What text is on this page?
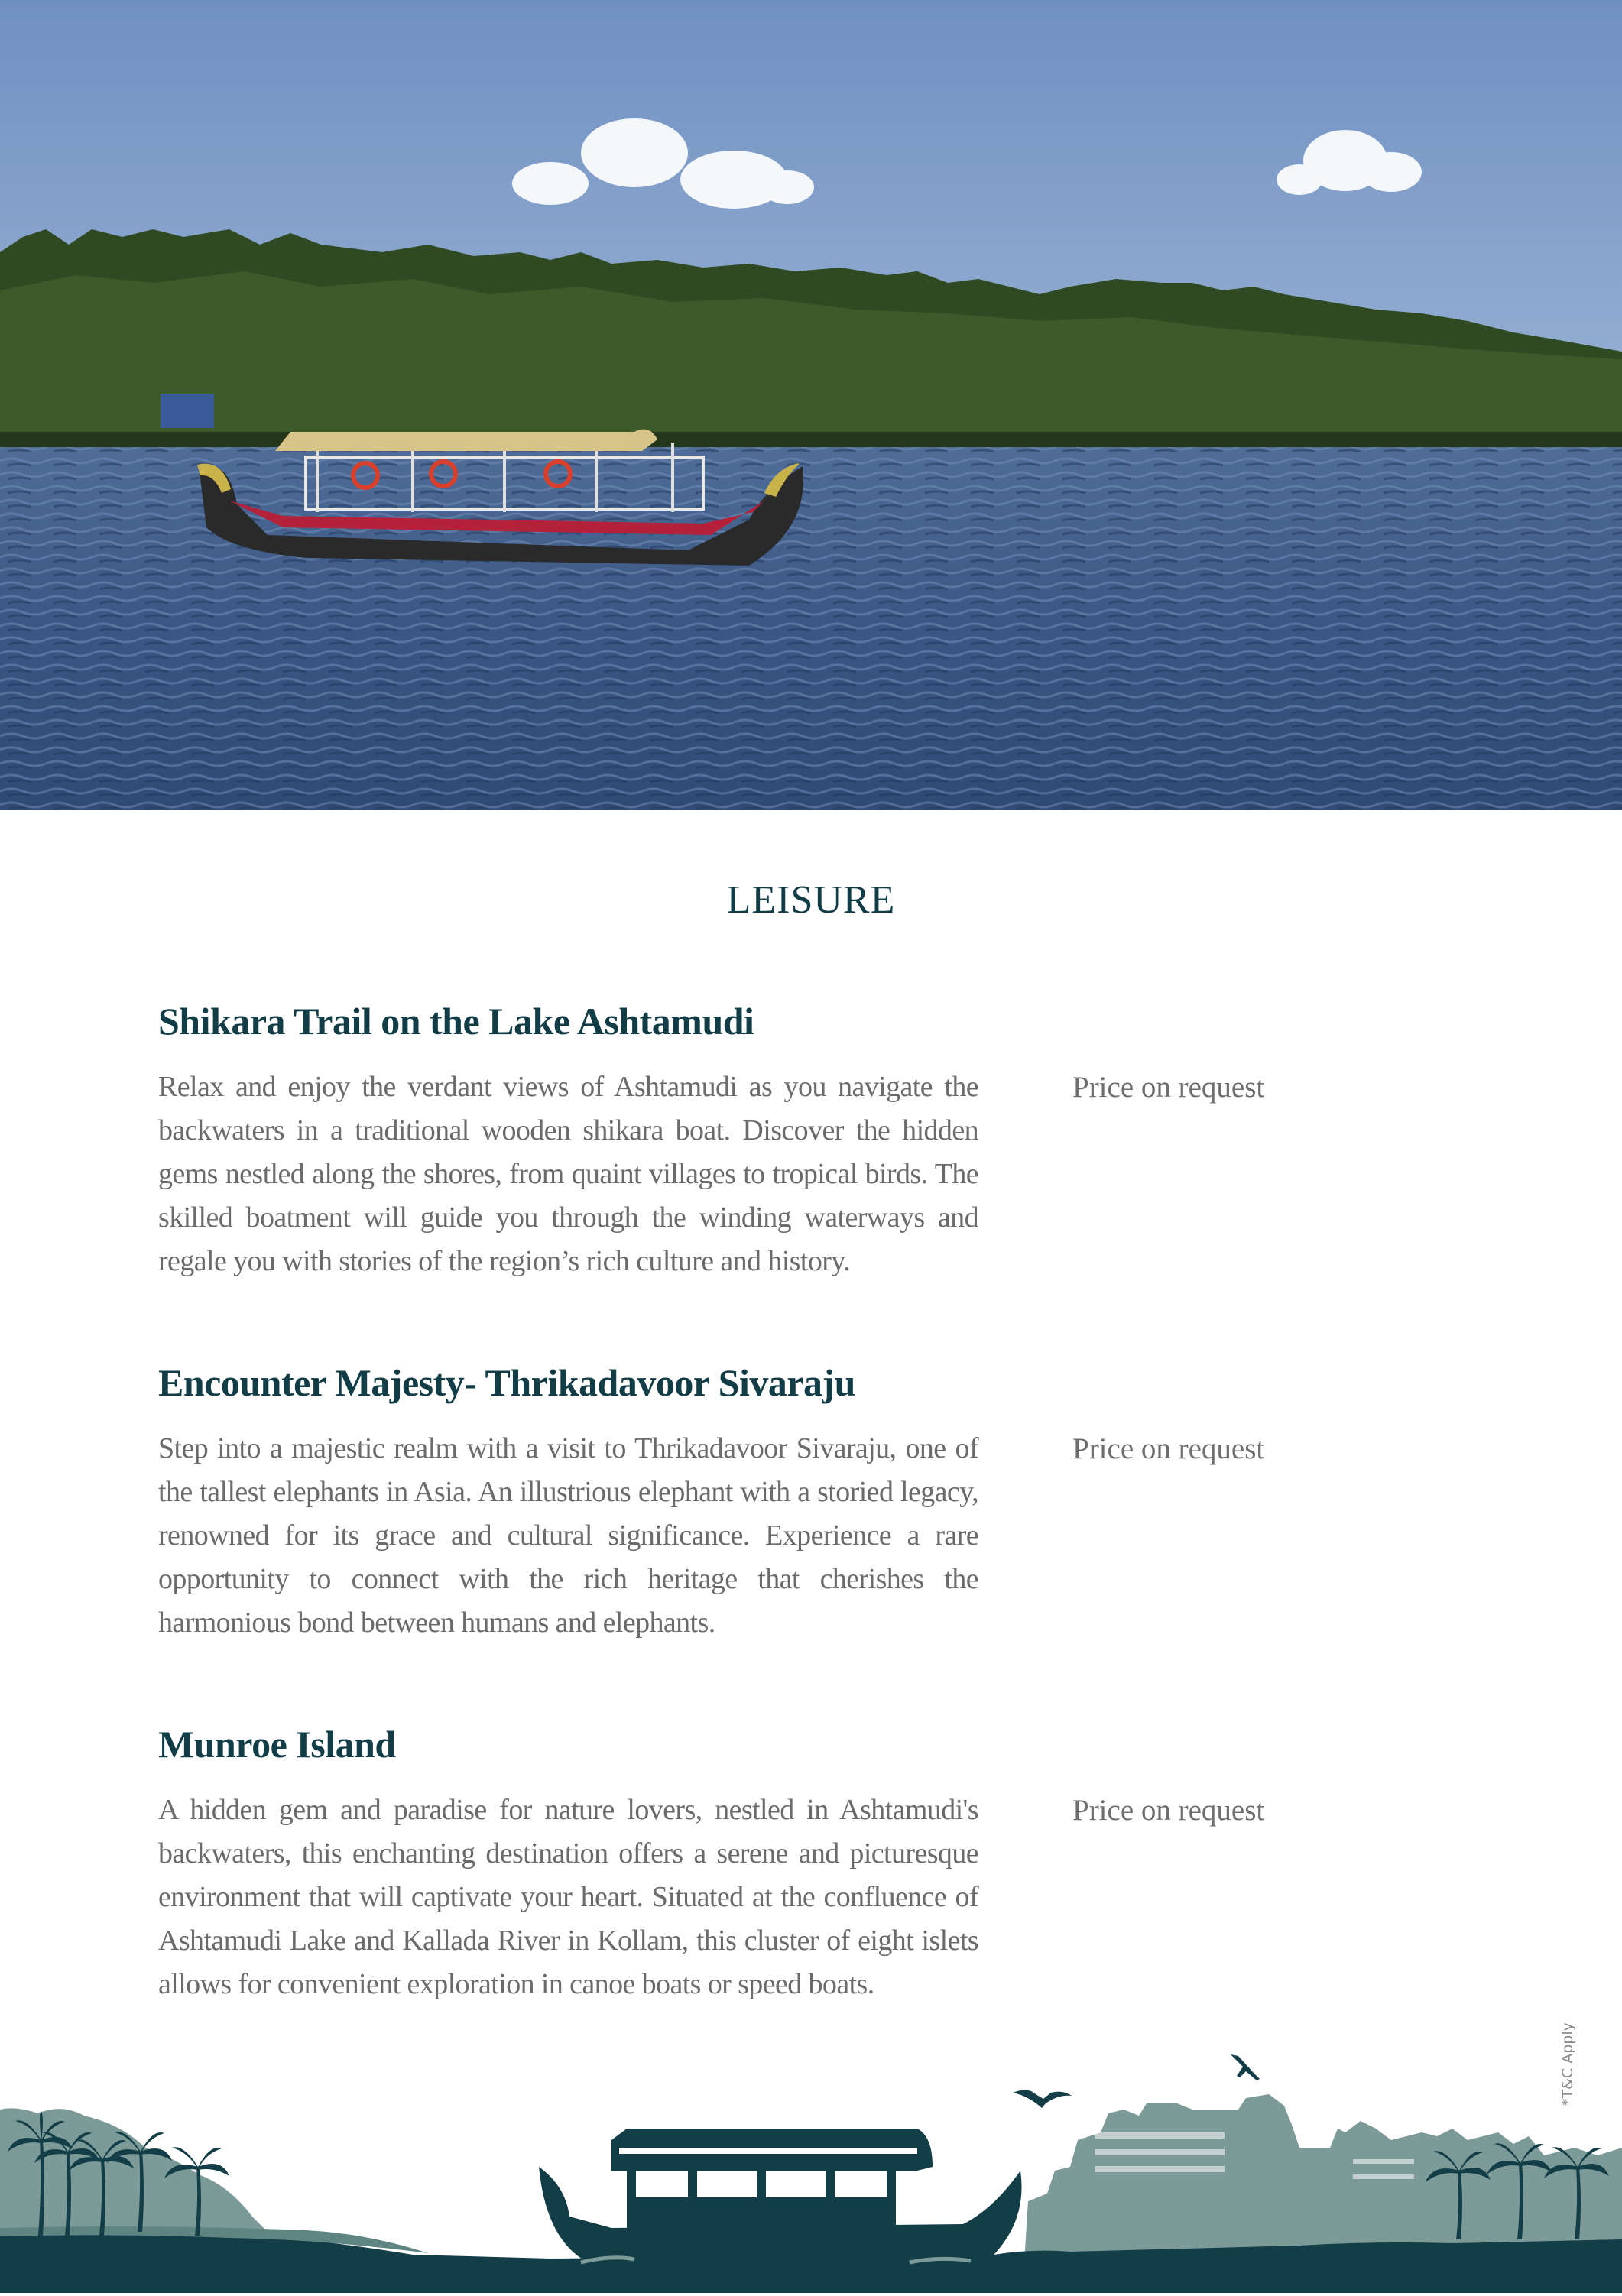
LEISURE
Shikara Trail on the Lake Ashtamudi

Relax and enjoy the verdant views of Ashtamudi as you navigate the backwaters in a traditional wooden shikara boat. Discover the hidden gems nestled along the shores, from quaint villages to tropical birds. The skilled boatment will guide you through the winding waterways and regale you with stories of the region’s rich culture and history.

Price on request
Encounter Majesty- Thrikadavoor Sivaraju

Step into a majestic realm with a visit to Thrikadavoor Sivaraju, one of the tallest elephants in Asia. An illustrious elephant with a storied legacy, renowned for its grace and cultural significance. Experience a rare opportunity to connect with the rich heritage that cherishes the harmonious bond between humans and elephants.

Price on request
Munroe Island

A hidden gem and paradise for nature lovers, nestled in Ashtamudi's backwaters, this enchanting destination offers a serene and picturesque environment that will captivate your heart. Situated at the confluence of Ashtamudi Lake and Kallada River in Kollam, this cluster of eight islets allows for convenient exploration in canoe boats or speed boats.

Price on request
*T&C Apply
